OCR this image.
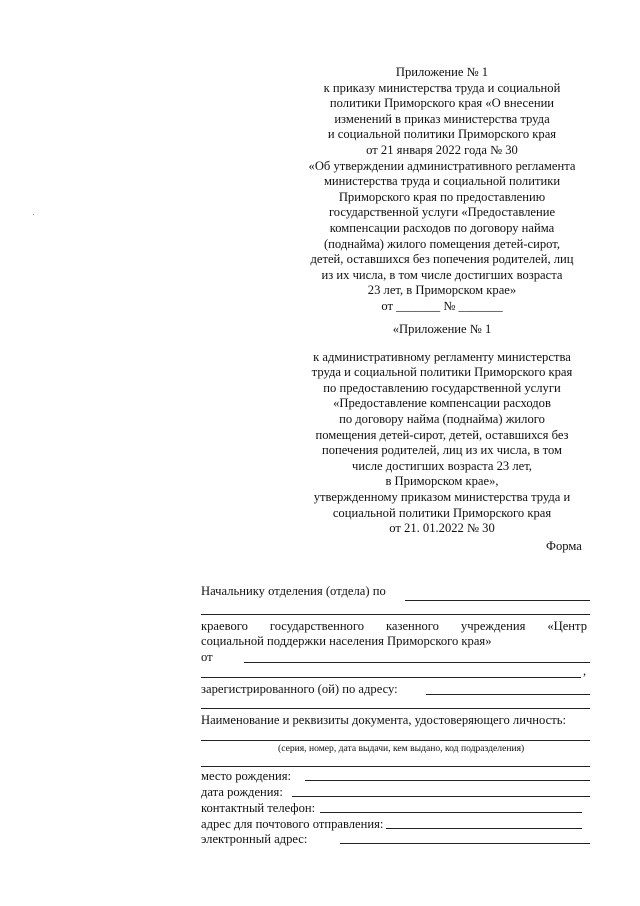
Приложение № 1
к приказу министерства труда и социальной
политики Приморского края «О внесении
изменений в приказ министерства труда
и социальной политики Приморского края
от 21 января 2022 года № 30
«Об утверждении административного регламента
министерства труда и социальной политики
Приморского края по предоставлению
государственной услуги «Предоставление
компенсации расходов по договору найма
(поднайма) жилого помещения детей-сирот,
детей, оставшихся без попечения родителей, лиц
из их числа, в том числе достигших возраста
23 лет, в Приморском крае»
от _______ № _______
«Приложение № 1
к административному регламенту министерства
труда и социальной политики Приморского края
по предоставлению государственной услуги
«Предоставление компенсации расходов
по договору найма (поднайма) жилого
помещения детей-сирот, детей, оставшихся без
попечения родителей, лиц из их числа, в том
числе достигших возраста 23 лет,
в Приморском крае»,
утвержденному приказом министерства труда и
социальной политики Приморского края
от 21. 01.2022 № 30
Форма
Начальнику отделения (отдела) по
краевого государственного казенного учреждения «Центр
социальной поддержки населения Приморского края»
от
,
зарегистрированного (ой) по адресу:
Наименование и реквизиты документа, удостоверяющего личность:
(серия, номер, дата выдачи, кем выдано, код подразделения)
место рождения:
дата рождения:
контактный телефон:
адрес для почтового отправления:
электронный адрес:
